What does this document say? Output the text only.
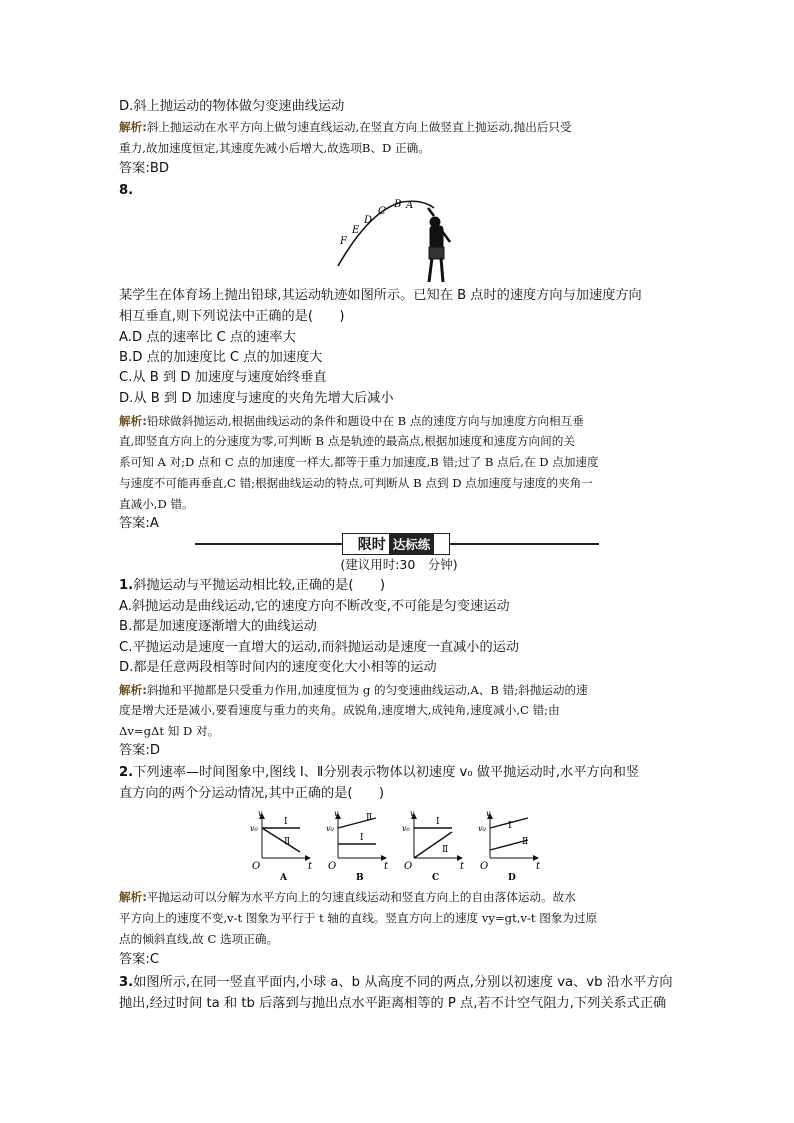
D.斜上抛运动的物体做匀变速曲线运动
解析:斜上抛运动在水平方向上做匀速直线运动,在竖直方向上做竖直上抛运动,抛出后只受
重力,故加速度恒定,其速度先减小后增大,故选项B、D 正确。
答案:BD
8.
A
B
C
D
E
F
某学生在体育场上抛出铅球,其运动轨迹如图所示。已知在 B 点时的速度方向与加速度方向
相互垂直,则下列说法中正确的是(　　)
A.D 点的速率比 C 点的速率大
B.D 点的加速度比 C 点的加速度大
C.从 B 到 D 加速度与速度始终垂直
D.从 B 到 D 加速度与速度的夹角先增大后减小
解析:铅球做斜抛运动,根据曲线运动的条件和题设中在 B 点的速度方向与加速度方向相互垂
直,即竖直方向上的分速度为零,可判断 B 点是轨迹的最高点,根据加速度和速度方向间的关
系可知 A 对;D 点和 C 点的加速度一样大,都等于重力加速度,B 错;过了 B 点后,在 D 点加速度
与速度不可能再垂直,C 错;根据曲线运动的特点,可判断从 B 点到 D 点加速度与速度的夹角一
直减小,D 错。
答案:A
限时 达标练
(建议用时:30　分钟)
1.斜抛运动与平抛运动相比较,正确的是(　　)
A.斜抛运动是曲线运动,它的速度方向不断改变,不可能是匀变速运动
B.都是加速度逐渐增大的曲线运动
C.平抛运动是速度一直增大的运动,而斜抛运动是速度一直减小的运动
D.都是任意两段相等时间内的速度变化大小相等的运动
解析:斜抛和平抛都是只受重力作用,加速度恒为 g 的匀变速曲线运动,A、B 错;斜抛运动的速
度是增大还是减小,要看速度与重力的夹角。成锐角,速度增大,成钝角,速度减小,C 错;由
Δv=gΔt 知 D 对。
答案:D
2.下列速率—时间图象中,图线 Ⅰ、Ⅱ分别表示物体以初速度 v₀ 做平抛运动时,水平方向和竖
直方向的两个分运动情况,其中正确的是(　　)
v
v₀
t
O
Ⅰ
Ⅱ
A
v
v₀
t
O
Ⅰ
Ⅱ
B
v
v₀
t
O
Ⅰ
Ⅱ
C
v
v₀
t
O
Ⅰ
Ⅱ
D
解析:平抛运动可以分解为水平方向上的匀速直线运动和竖直方向上的自由落体运动。故水
平方向上的速度不变,v-t 图象为平行于 t 轴的直线。竖直方向上的速度 vy=gt,v-t 图象为过原
点的倾斜直线,故 C 选项正确。
答案:C
3.如图所示,在同一竖直平面内,小球 a、b 从高度不同的两点,分别以初速度 va、vb 沿水平方向
抛出,经过时间 ta 和 tb 后落到与抛出点水平距离相等的 P 点,若不计空气阻力,下列关系式正确
